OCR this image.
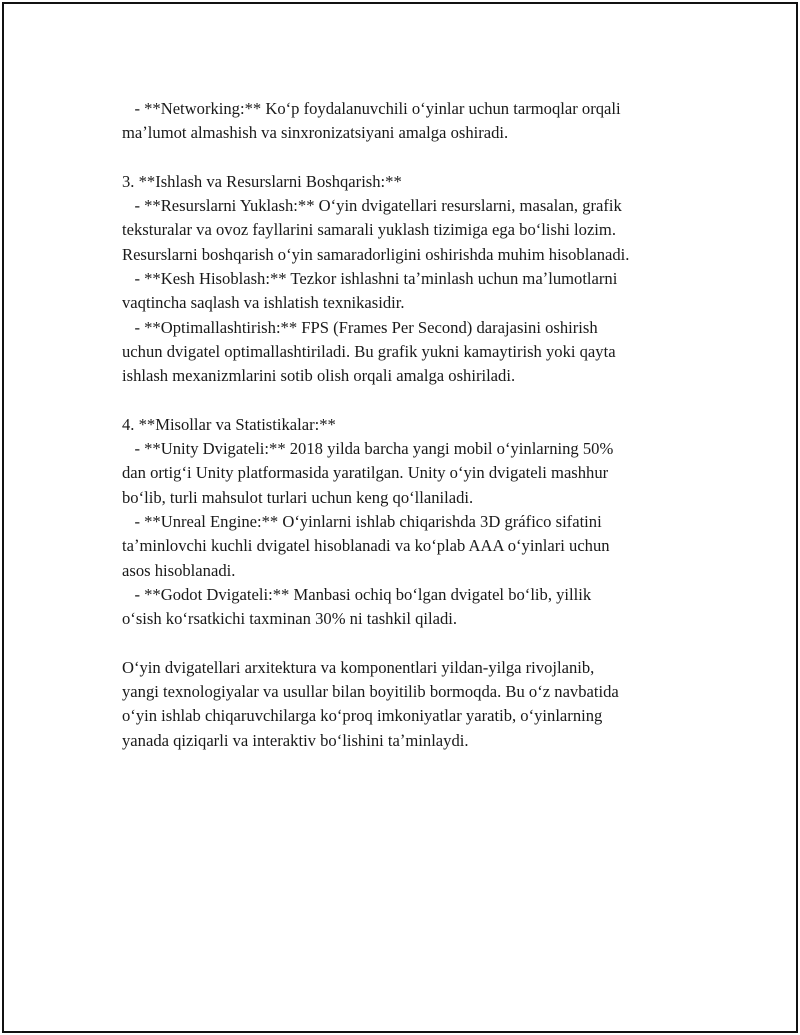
- **Networking:** Koʻp foydalanuvchili oʻyinlar uchun tarmoqlar orqali
maʼlumot almashish va sinxronizatsiyani amalga oshiradi.
3. **Ishlash va Resurslarni Boshqarish:**
- **Resurslarni Yuklash:** Oʻyin dvigatellari resurslarni, masalan, grafik
teksturalar va ovoz fayllarini samarali yuklash tizimiga ega boʻlishi lozim.
Resurslarni boshqarish oʻyin samaradorligini oshirishda muhim hisoblanadi.
- **Kesh Hisoblash:** Tezkor ishlashni taʼminlash uchun maʼlumotlarni
vaqtincha saqlash va ishlatish texnikasidir.
- **Optimallashtirish:** FPS (Frames Per Second) darajasini oshirish
uchun dvigatel optimallashtiriladi. Bu grafik yukni kamaytirish yoki qayta
ishlash mexanizmlarini sotib olish orqali amalga oshiriladi.
4. **Misollar va Statistikalar:**
- **Unity Dvigateli:** 2018 yilda barcha yangi mobil oʻyinlarning 50%
dan ortigʻi Unity platformasida yaratilgan. Unity oʻyin dvigateli mashhur
boʻlib, turli mahsulot turlari uchun keng qoʻllaniladi.
- **Unreal Engine:** Oʻyinlarni ishlab chiqarishda 3D gráfico sifatini
taʼminlovchi kuchli dvigatel hisoblanadi va koʻplab AAA oʻyinlari uchun
asos hisoblanadi.
- **Godot Dvigateli:** Manbasi ochiq boʻlgan dvigatel boʻlib, yillik
oʻsish koʻrsatkichi taxminan 30% ni tashkil qiladi.
Oʻyin dvigatellari arxitektura va komponentlari yildan-yilga rivojlanib,
yangi texnologiyalar va usullar bilan boyitilib bormoqda. Bu oʻz navbatida
oʻyin ishlab chiqaruvchilarga koʻproq imkoniyatlar yaratib, oʻyinlarning
yanada qiziqarli va interaktiv boʻlishini taʼminlaydi.
